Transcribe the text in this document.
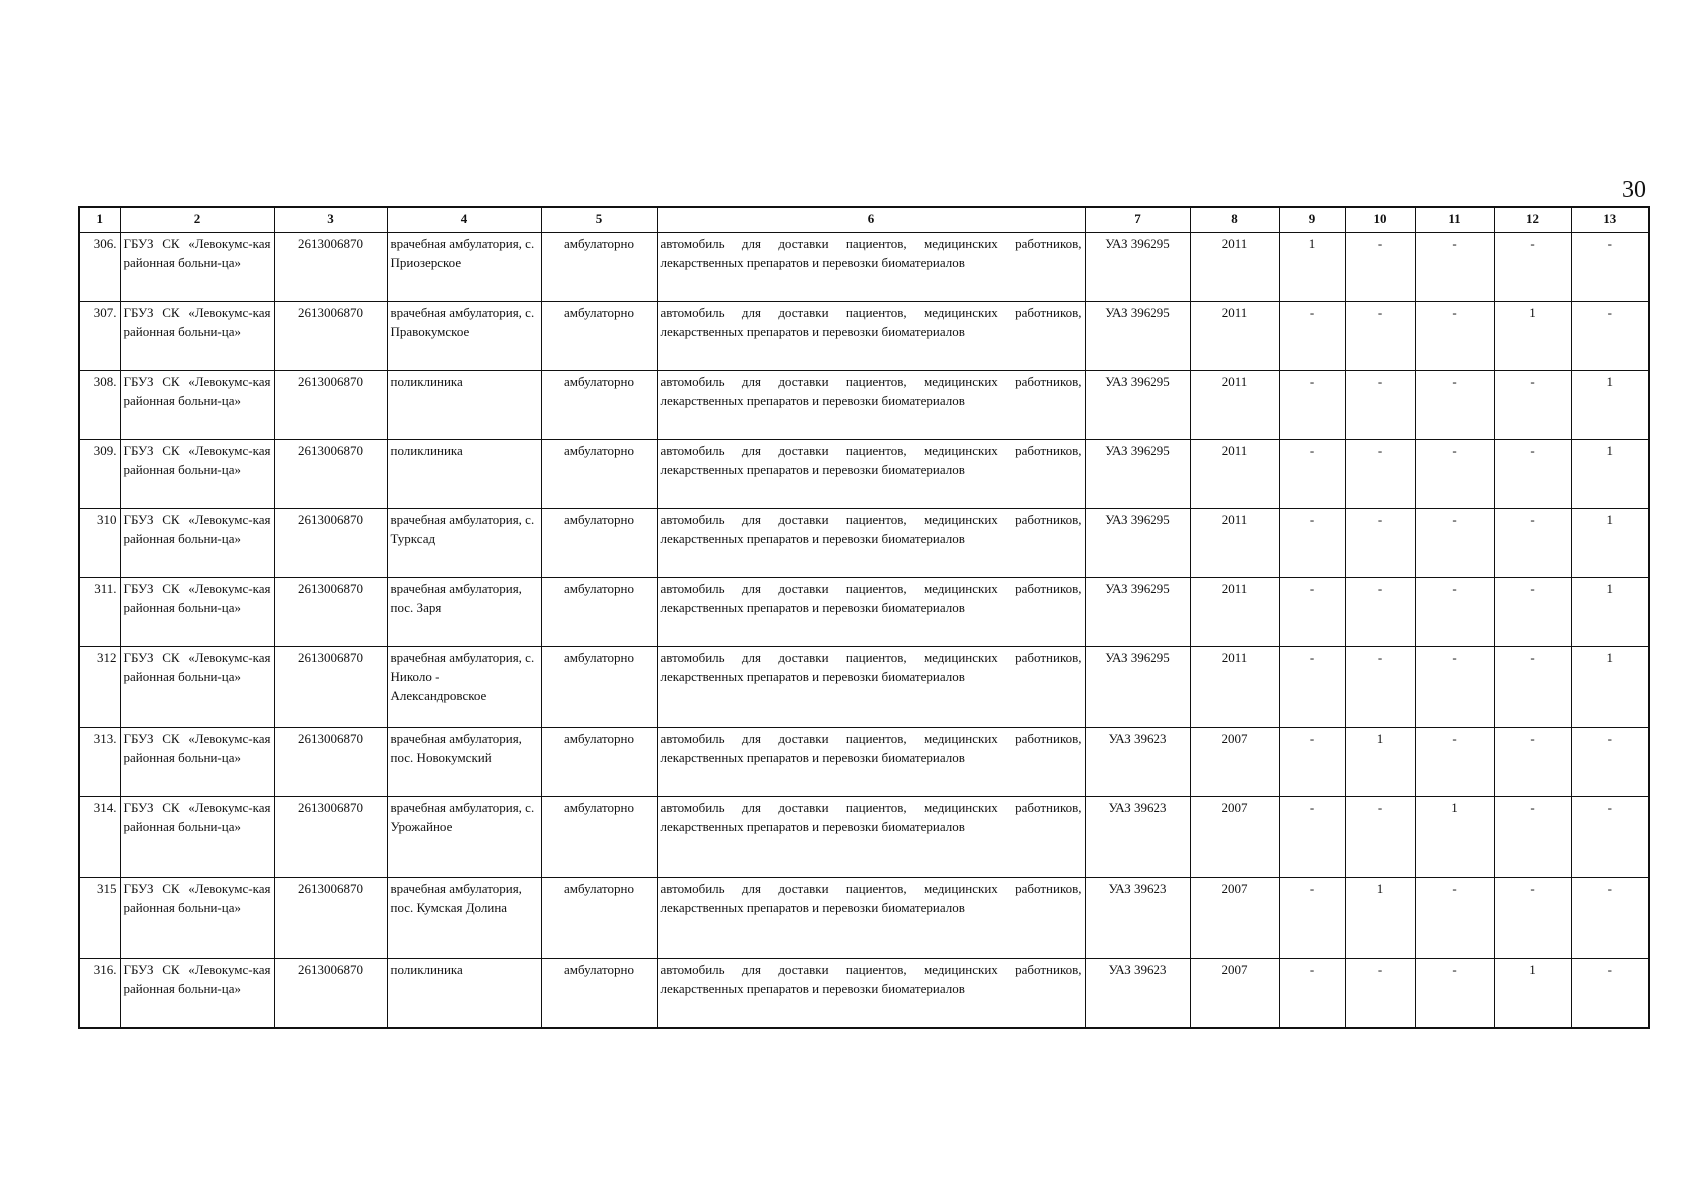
30
1	2	3	4	5	6	7	8	9	10	11	12	13
306.	ГБУЗ СК «Левокумс-кая районная больни-ца»	2613006870	врачебная амбулатория, с. Приозерское	амбулаторно	автомобиль для доставки пациентов, медицинских работников, лекарственных препаратов и перевозки биоматериалов	УАЗ 396295	2011	1	-	-	-	-
307.	ГБУЗ СК «Левокумс-кая районная больни-ца»	2613006870	врачебная амбулатория, с. Правокумское	амбулаторно	автомобиль для доставки пациентов, медицинских работников, лекарственных препаратов и перевозки биоматериалов	УАЗ 396295	2011	-	-	-	1	-
308.	ГБУЗ СК «Левокумс-кая районная больни-ца»	2613006870	поликлиника	амбулаторно	автомобиль для доставки пациентов, медицинских работников, лекарственных препаратов и перевозки биоматериалов	УАЗ 396295	2011	-	-	-	-	1
309.	ГБУЗ СК «Левокумс-кая районная больни-ца»	2613006870	поликлиника	амбулаторно	автомобиль для доставки пациентов, медицинских работников, лекарственных препаратов и перевозки биоматериалов	УАЗ 396295	2011	-	-	-	-	1
310	ГБУЗ СК «Левокумс-кая районная больни-ца»	2613006870	врачебная амбулатория, с. Турксад	амбулаторно	автомобиль для доставки пациентов, медицинских работников, лекарственных препаратов и перевозки биоматериалов	УАЗ 396295	2011	-	-	-	-	1
311.	ГБУЗ СК «Левокумс-кая районная больни-ца»	2613006870	врачебная амбулатория, пос. Заря	амбулаторно	автомобиль для доставки пациентов, медицинских работников, лекарственных препаратов и перевозки биоматериалов	УАЗ 396295	2011	-	-	-	-	1
312	ГБУЗ СК «Левокумс-кая районная больни-ца»	2613006870	врачебная амбулатория, с. Николо - Александровское	амбулаторно	автомобиль для доставки пациентов, медицинских работников, лекарственных препаратов и перевозки биоматериалов	УАЗ 396295	2011	-	-	-	-	1
313.	ГБУЗ СК «Левокумс-кая районная больни-ца»	2613006870	врачебная амбулатория, пос. Новокумский	амбулаторно	автомобиль для доставки пациентов, медицинских работников, лекарственных препаратов и перевозки биоматериалов	УАЗ 39623	2007	-	1	-	-	-
314.	ГБУЗ СК «Левокумс-кая районная больни-ца»	2613006870	врачебная амбулатория, с. Урожайное	амбулаторно	автомобиль для доставки пациентов, медицинских работников, лекарственных препаратов и перевозки биоматериалов	УАЗ 39623	2007	-	-	1	-	-
315	ГБУЗ СК «Левокумс-кая районная больни-ца»	2613006870	врачебная амбулатория, пос. Кумская Долина	амбулаторно	автомобиль для доставки пациентов, медицинских работников, лекарственных препаратов и перевозки биоматериалов	УАЗ 39623	2007	-	1	-	-	-
316.	ГБУЗ СК «Левокумс-кая районная больни-ца»	2613006870	поликлиника	амбулаторно	автомобиль для доставки пациентов, медицинских работников, лекарственных препаратов и перевозки биоматериалов	УАЗ 39623	2007	-	-	-	1	-
